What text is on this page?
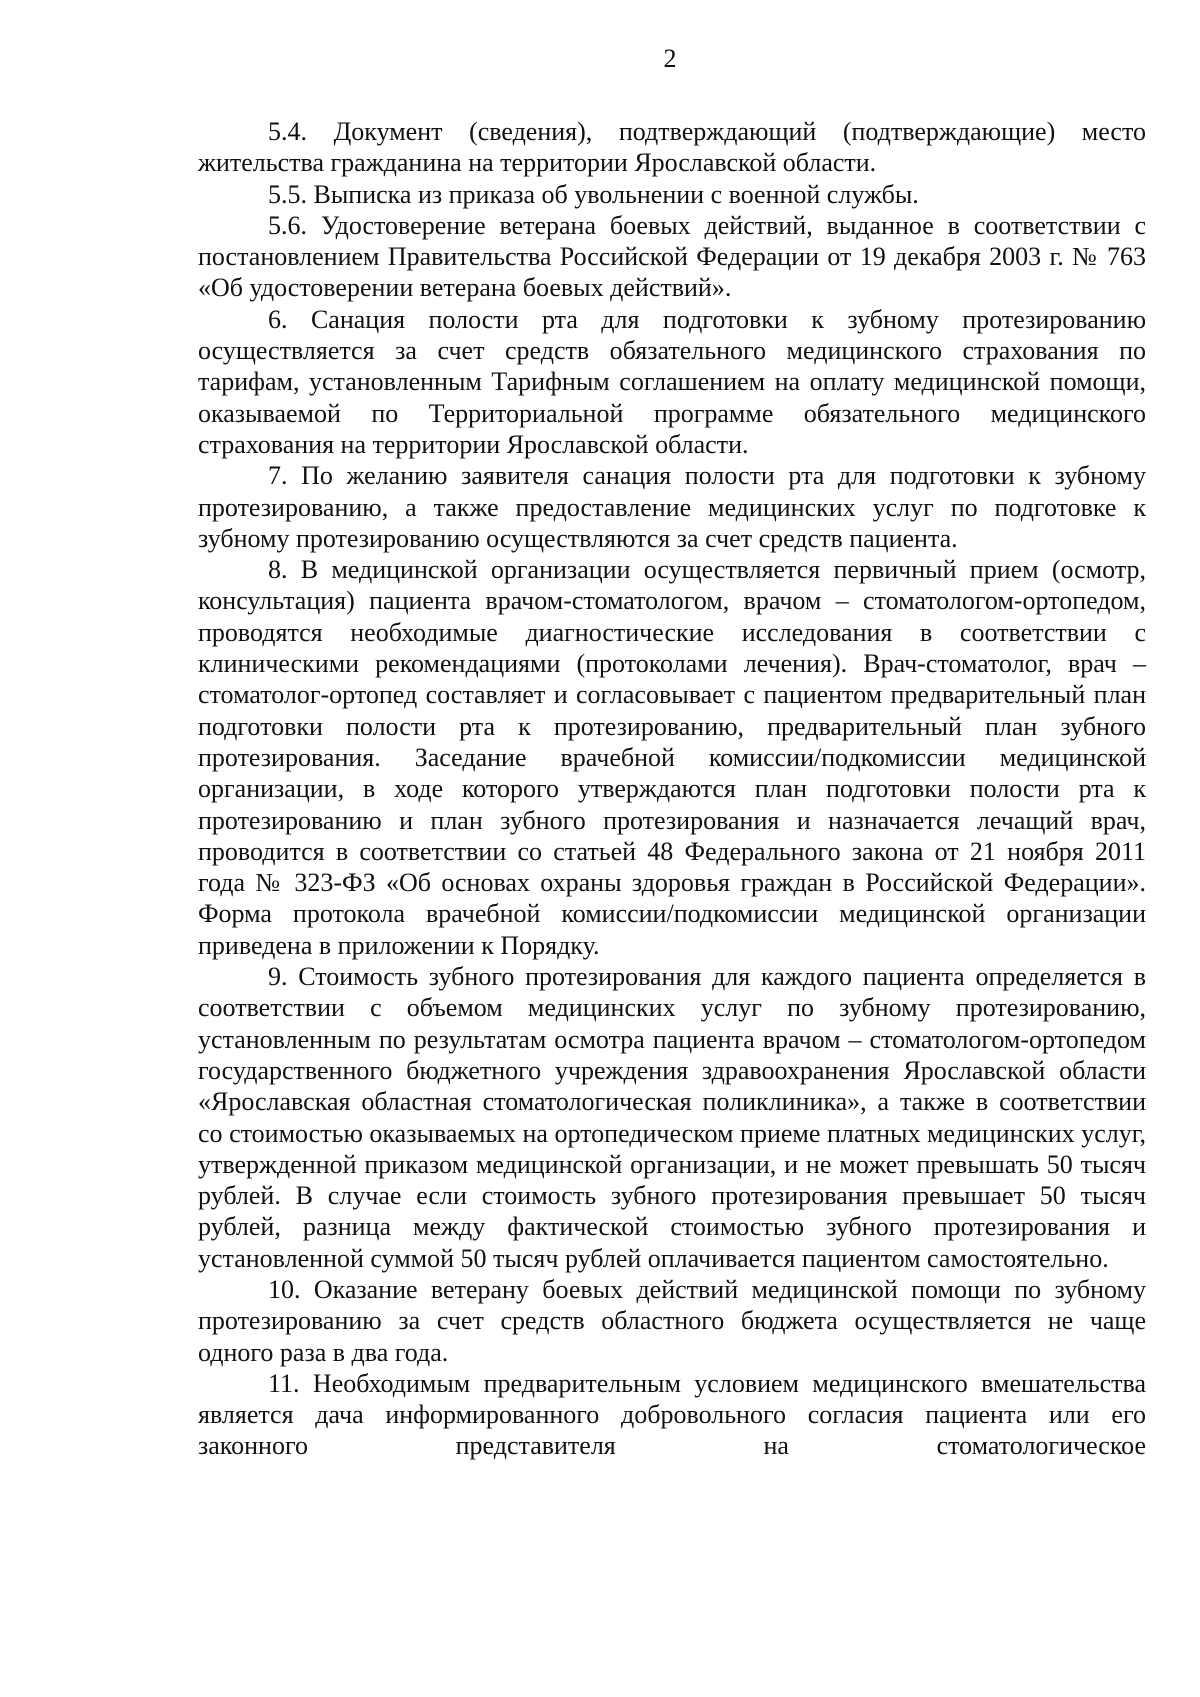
2

5.4. Документ (сведения), подтверждающий (подтверждающие) место жительства гражданина на территории Ярославской области.

5.5. Выписка из приказа об увольнении с военной службы.

5.6. Удостоверение ветерана боевых действий, выданное в соответствии с постановлением Правительства Российской Федерации от 19 декабря 2003 г. № 763 «Об удостоверении ветерана боевых действий».

6. Санация полости рта для подготовки к зубному протезированию осуществляется за счет средств обязательного медицинского страхования по тарифам, установленным Тарифным соглашением на оплату медицинской помощи, оказываемой по Территориальной программе обязательного медицинского страхования на территории Ярославской области.

7. По желанию заявителя санация полости рта для подготовки к зубному протезированию, а также предоставление медицинских услуг по подготовке к зубному протезированию осуществляются за счет средств пациента.

8. В медицинской организации осуществляется первичный прием (осмотр, консультация) пациента врачом-стоматологом, врачом – стоматологом-ортопедом, проводятся необходимые диагностические исследования в соответствии с клиническими рекомендациями (протоколами лечения). Врач-стоматолог, врач – стоматолог-ортопед составляет и согласовывает с пациентом предварительный план подготовки полости рта к протезированию, предварительный план зубного протезирования. Заседание врачебной комиссии/подкомиссии медицинской организации, в ходе которого утверждаются план подготовки полости рта к протезированию и план зубного протезирования и назначается лечащий врач, проводится в соответствии со статьей 48 Федерального закона от 21 ноября 2011 года № 323-ФЗ «Об основах охраны здоровья граждан в Российской Федерации». Форма протокола врачебной комиссии/подкомиссии медицинской организации приведена в приложении к Порядку.

9. Стоимость зубного протезирования для каждого пациента определяется в соответствии с объемом медицинских услуг по зубному протезированию, установленным по результатам осмотра пациента врачом – стоматологом-ортопедом государственного бюджетного учреждения здравоохранения Ярославской области «Ярославская областная стоматологическая поликлиника», а также в соответствии со стоимостью оказываемых на ортопедическом приеме платных медицинских услуг, утвержденной приказом медицинской организации, и не может превышать 50 тысяч рублей. В случае если стоимость зубного протезирования превышает 50 тысяч рублей, разница между фактической стоимостью зубного протезирования и установленной суммой 50 тысяч рублей оплачивается пациентом самостоятельно.

10. Оказание ветерану боевых действий медицинской помощи по зубному протезированию за счет средств областного бюджета осуществляется не чаще одного раза в два года.

11. Необходимым предварительным условием медицинского вмешательства является дача информированного добровольного согласия пациента или его законного представителя на стоматологическое
